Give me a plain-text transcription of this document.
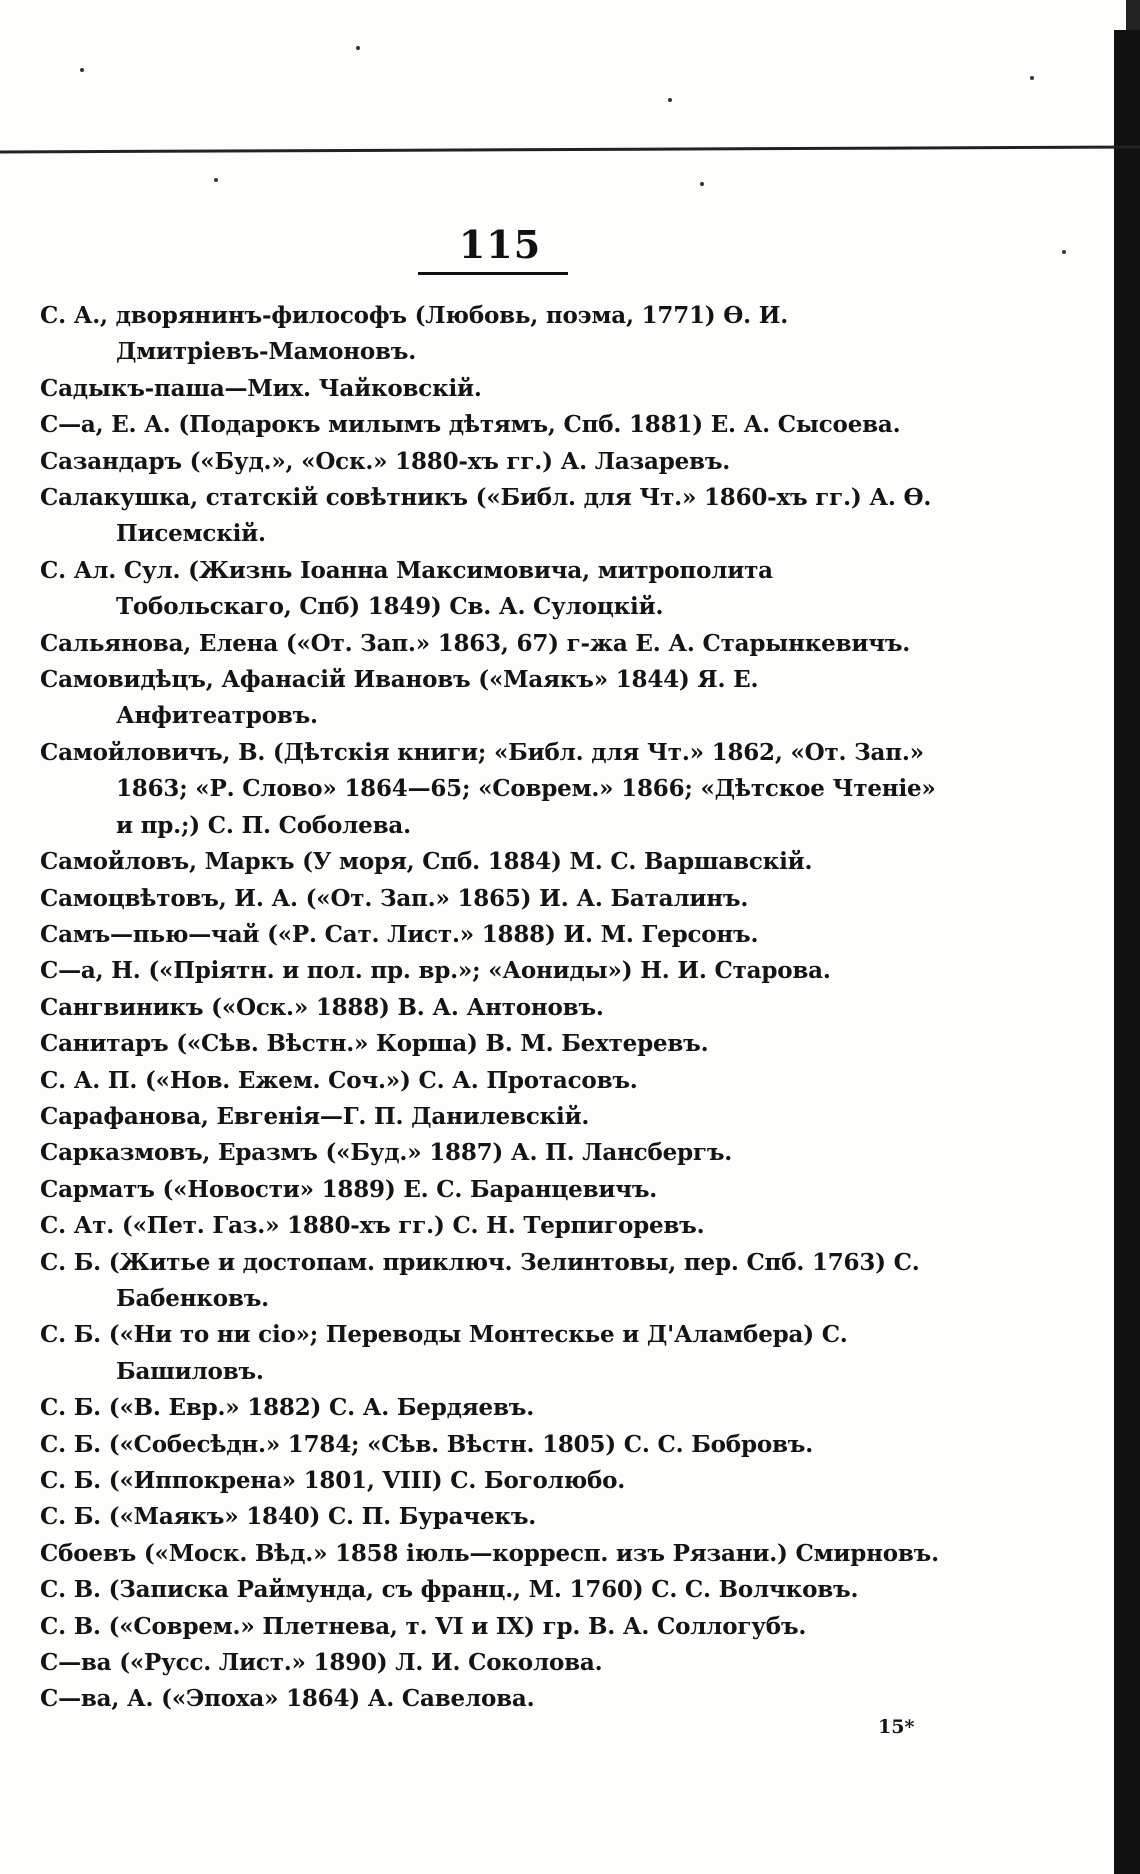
115
С. А., дворянинъ-философъ (Любовь, поэма, 1771) Ѳ. И. Дмитріевъ-Мамоновъ.
Садыкъ-паша—Мих. Чайковскій.
С—а, Е. А. (Подарокъ милымъ дѣтямъ, Спб. 1881) Е. А. Сысоева.
Сазандаръ («Буд.», «Оск.» 1880-хъ гг.) А. Лазаревъ.
Салакушка, статскій совѣтникъ («Библ. для Чт.» 1860-хъ гг.) А. Ѳ. Писемскій.
С. Ал. Сул. (Жизнь Іоанна Максимовича, митрополита Тобольскаго, Спб) 1849) Св. А. Сулоцкій.
Сальянова, Елена («От. Зап.» 1863, 67) г-жа Е. А. Старынкевичъ.
Самовидѣцъ, Афанасій Ивановъ («Маякъ» 1844) Я. Е. Анфитеатровъ.
Самойловичъ, В. (Дѣтскія книги; «Библ. для Чт.» 1862, «От. Зап.» 1863; «Р. Слово» 1864—65; «Соврем.» 1866; «Дѣтское Чтеніе» и пр.;) С. П. Соболева.
Самойловъ, Маркъ (У моря, Спб. 1884) М. С. Варшавскій.
Самоцвѣтовъ, И. А. («От. Зап.» 1865) И. А. Баталинъ.
Самъ—пью—чай («Р. Сат. Лист.» 1888) И. М. Герсонъ.
С—а, Н. («Пріятн. и пол. пр. вр.»; «Аониды») Н. И. Старова.
Сангвиникъ («Оск.» 1888) В. А. Антоновъ.
Санитаръ («Сѣв. Вѣстн.» Корша) В. М. Бехтеревъ.
С. А. П. («Нов. Ежем. Соч.») С. А. Протасовъ.
Сарафанова, Евгенія—Г. П. Данилевскій.
Сарказмовъ, Еразмъ («Буд.» 1887) А. П. Лансбергъ.
Сарматъ («Новости» 1889) Е. С. Баранцевичъ.
С. Ат. («Пет. Газ.» 1880-хъ гг.) С. Н. Терпигоревъ.
С. Б. (Житье и достопам. приключ. Зелинтовы, пер. Спб. 1763) С. Бабенковъ.
С. Б. («Ни то ни сіо»; Переводы Монтескье и Д'Аламбера) С. Башиловъ.
С. Б. («В. Евр.» 1882) С. А. Бердяевъ.
С. Б. («Собесѣдн.» 1784; «Сѣв. Вѣстн. 1805) С. С. Бобровъ.
С. Б. («Иппокрена» 1801, VIII) С. Боголюбо.
С. Б. («Маякъ» 1840) С. П. Бурачекъ.
Сбоевъ («Моск. Вѣд.» 1858 іюль—корресп. изъ Рязани.) Смирновъ.
С. В. (Записка Раймунда, съ франц., М. 1760) С. С. Волчковъ.
С. В. («Соврем.» Плетнева, т. VI и IX) гр. В. А. Соллогубъ.
С—ва («Русс. Лист.» 1890) Л. И. Соколова.
С—ва, А. («Эпоха» 1864) А. Савелова.
15*
